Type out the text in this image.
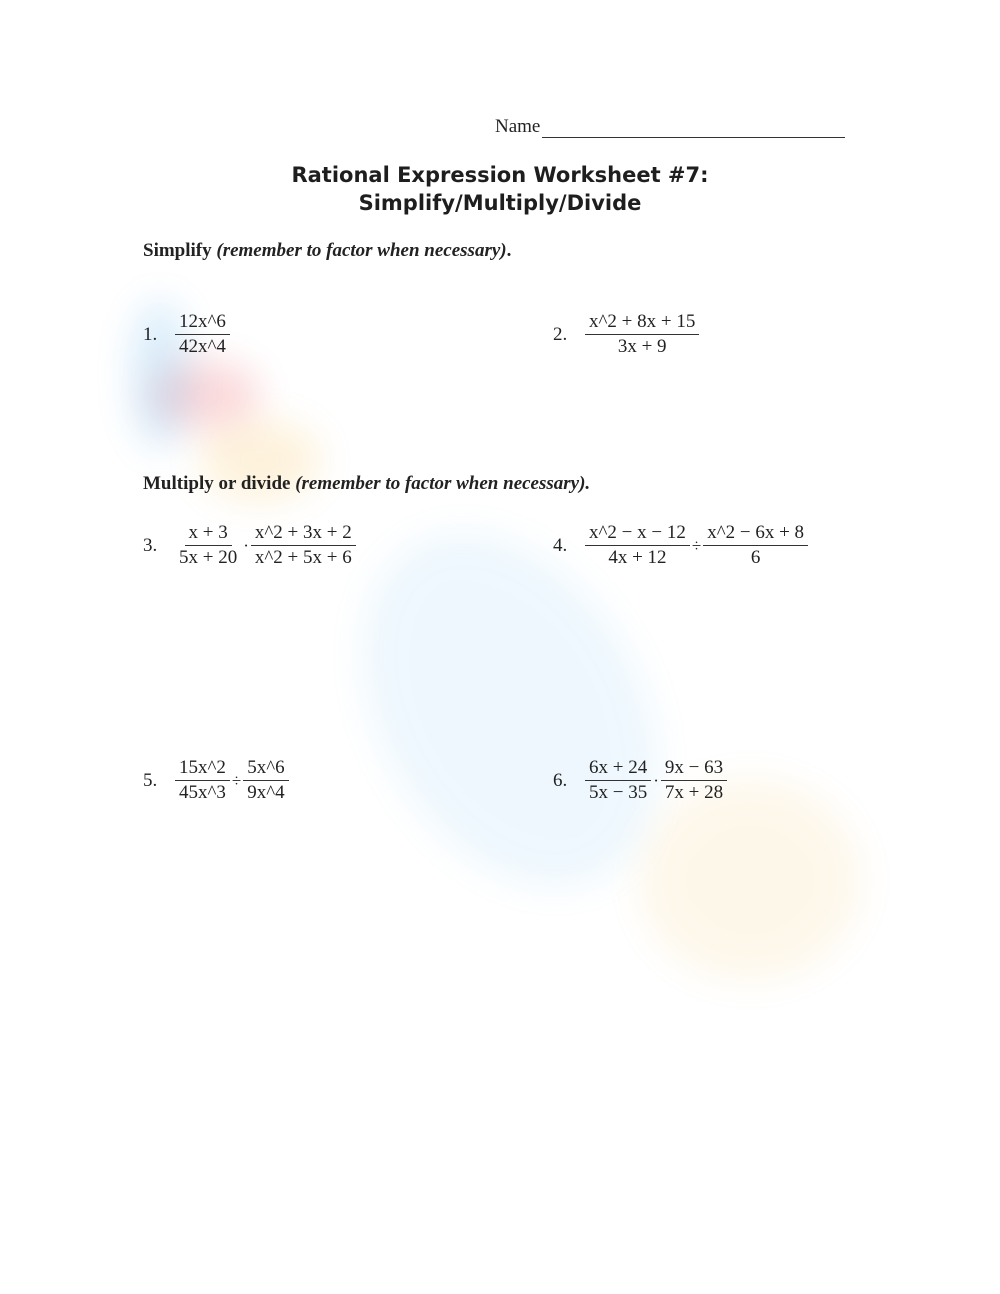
Name
Rational Expression Worksheet #7:
Simplify/Multiply/Divide
Simplify (remember to factor when necessary).
Multiply or divide (remember to factor when necessary).
1. $\frac{12x\^{}6}{42x\^{}4}$	2. $\frac{x\^{}2 + 8x + 15}{3x + 9}$
3. $\frac{x + 3}{5x + 20} \cdot \frac{x\^{}2 + 3x + 2}{x\^{}2 + 5x + 6}$	4. $\frac{x\^{}2 - x - 12}{4x + 12} \div \frac{x\^{}2 - 6x + 8}{6}$
5. $\frac{15x\^{}2}{45x\^{}3} \div \frac{5x\^{}6}{9x\^{}4}$	6. $\frac{6x + 24}{5x - 35} \cdot \frac{9x - 63}{7x + 28}$
